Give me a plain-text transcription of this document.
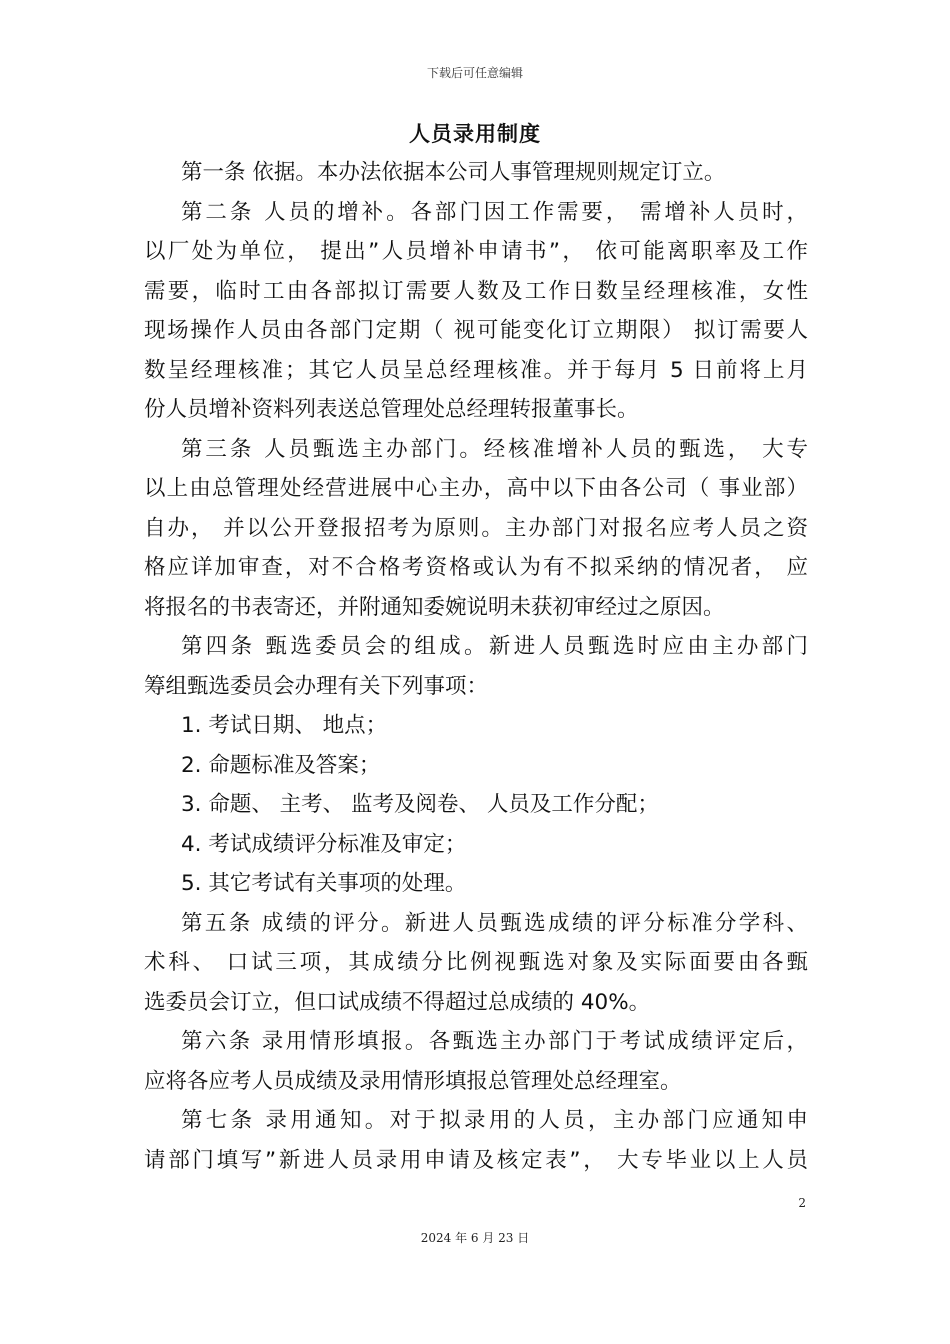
下载后可任意编辑
人员录用制度
第一条 依据。本办法依据本公司人事管理规则规定订立。
第二条 人员的增补。各部门因工作需要， 需增补人员时，
以厂处为单位， 提出”人员增补申请书”， 依可能离职率及工作
需要，临时工由各部拟订需要人数及工作日数呈经理核准，女性
现场操作人员由各部门定期（ 视可能变化订立期限） 拟订需要人
数呈经理核准；其它人员呈总经理核准。并于每月 5 日前将上月
份人员增补资料列表送总管理处总经理转报董事长。
第三条 人员甄选主办部门。经核准增补人员的甄选， 大专
以上由总管理处经营进展中心主办，高中以下由各公司（ 事业部）
自办， 并以公开登报招考为原则。主办部门对报名应考人员之资
格应详加审查，对不合格考资格或认为有不拟采纳的情况者， 应
将报名的书表寄还，并附通知委婉说明未获初审经过之原因。
第四条 甄选委员会的组成。新进人员甄选时应由主办部门
筹组甄选委员会办理有关下列事项：
1. 考试日期、 地点；
2. 命题标准及答案；
3. 命题、 主考、 监考及阅卷、 人员及工作分配；
4. 考试成绩评分标准及审定；
5. 其它考试有关事项的处理。
第五条 成绩的评分。新进人员甄选成绩的评分标准分学科、
术科、 口试三项，其成绩分比例视甄选对象及实际面要由各甄
选委员会订立，但口试成绩不得超过总成绩的 40%。
第六条 录用情形填报。各甄选主办部门于考试成绩评定后，
应将各应考人员成绩及录用情形填报总管理处总经理室。
第七条 录用通知。对于拟录用的人员，主办部门应通知申
请部门填写”新进人员录用申请及核定表”， 大专毕业以上人员
2
2024 年 6 月 23 日
